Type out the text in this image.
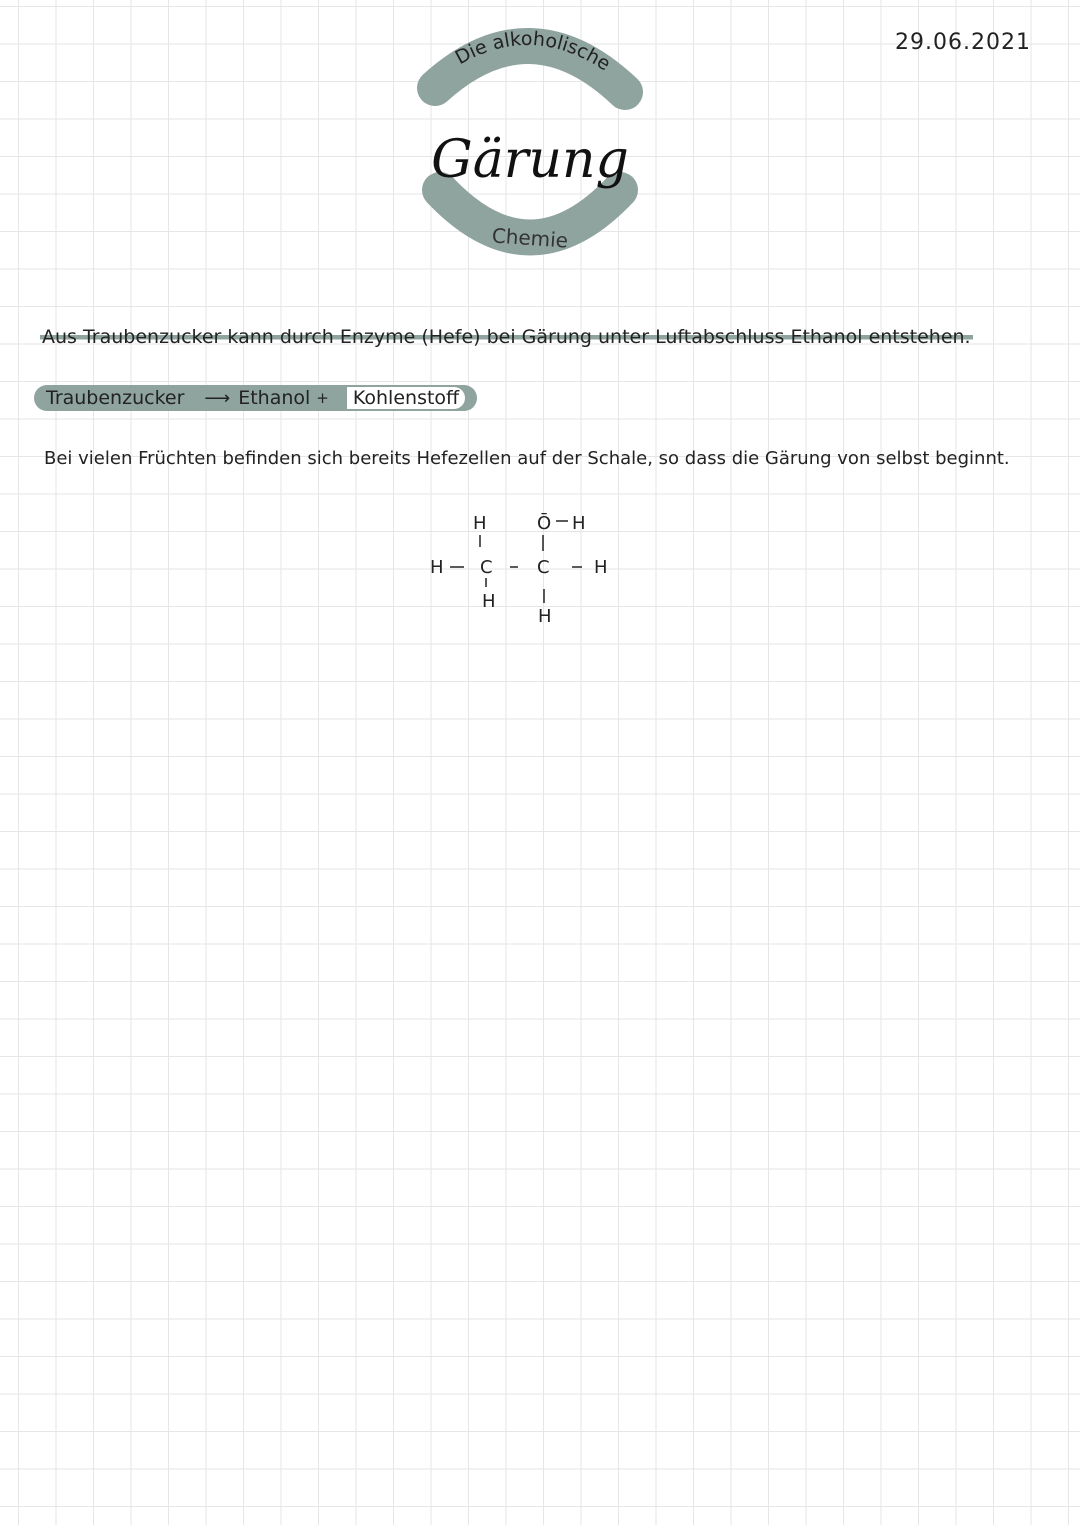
29.06.2021
Die alkoholische
Gärung
Chemie
Aus Traubenzucker kann durch Enzyme (Hefe) bei Gärung unter Luftabschluss Ethanol entstehen.
Traubenzucker ⟶ Ethanol +	Kohlenstoff
Bei vielen Früchten befinden sich bereits Hefezellen auf der Schale, so dass die Gärung von selbst beginnt.
H
H C
H
Ō H
C H
H
